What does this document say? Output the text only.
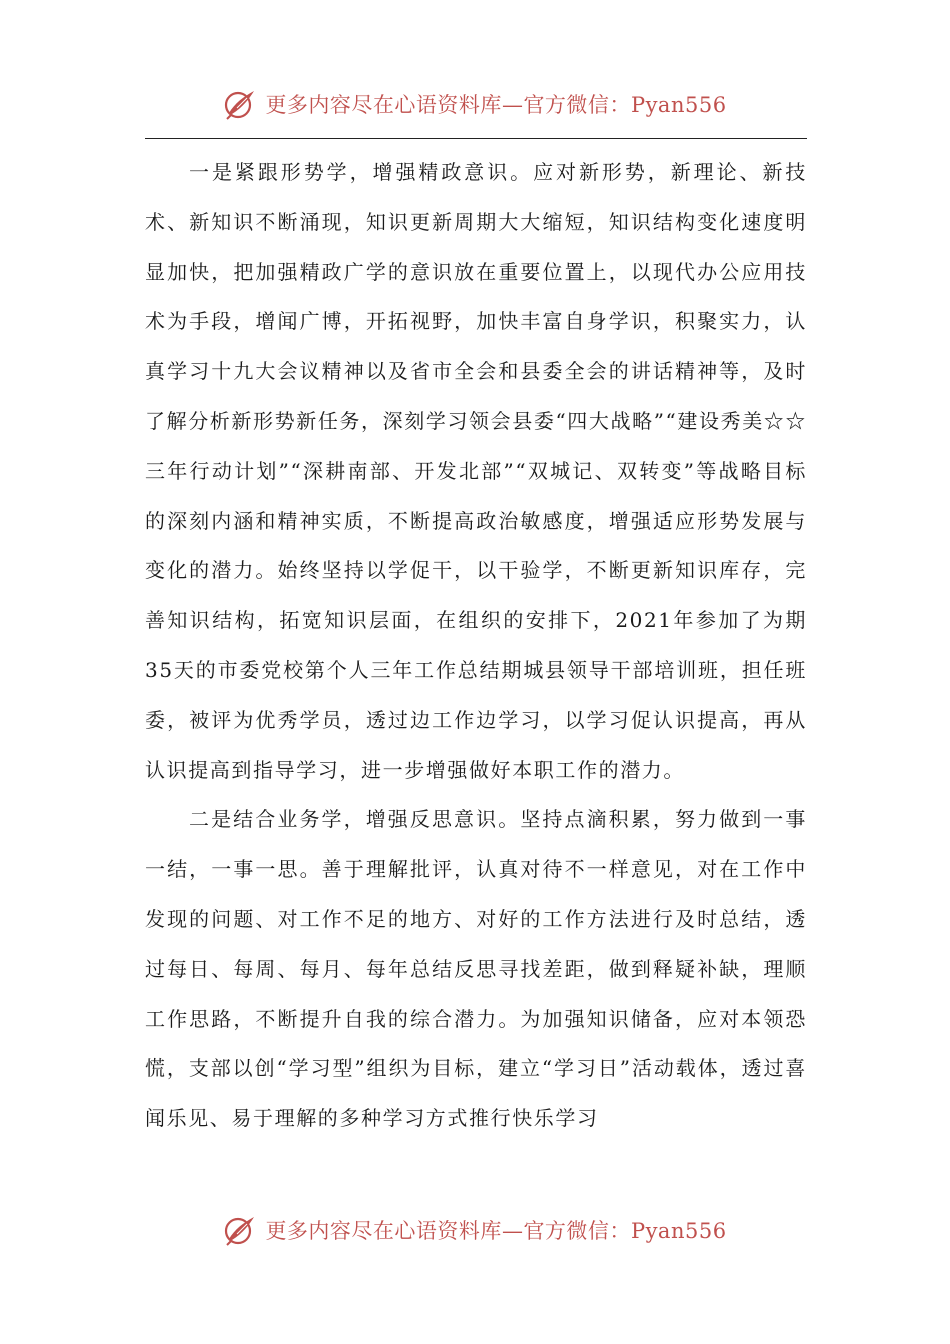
更多内容尽在心语资料库—官方微信：Pyan556

一是紧跟形势学，增强精政意识。应对新形势，新理论、新技术、新知识不断涌现，知识更新周期大大缩短，知识结构变化速度明显加快，把加强精政广学的意识放在重要位置上，以现代办公应用技术为手段，增闻广博，开拓视野，加快丰富自身学识，积聚实力，认真学习十九大会议精神以及省市全会和县委全会的讲话精神等，及时了解分析新形势新任务，深刻学习领会县委“四大战略”“建设秀美☆☆三年行动计划”“深耕南部、开发北部”“双城记、双转变”等战略目标的深刻内涵和精神实质，不断提高政治敏感度，增强适应形势发展与变化的潜力。始终坚持以学促干，以干验学，不断更新知识库存，完善知识结构，拓宽知识层面，在组织的安排下，2021年参加了为期35天的市委党校第个人三年工作总结期城县领导干部培训班，担任班委，被评为优秀学员，透过边工作边学习，以学习促认识提高，再从认识提高到指导学习，进一步增强做好本职工作的潜力。

二是结合业务学，增强反思意识。坚持点滴积累，努力做到一事一结，一事一思。善于理解批评，认真对待不一样意见，对在工作中发现的问题、对工作不足的地方、对好的工作方法进行及时总结，透过每日、每周、每月、每年总结反思寻找差距，做到释疑补缺，理顺工作思路，不断提升自我的综合潜力。为加强知识储备，应对本领恐慌，支部以创“学习型”组织为目标，建立“学习日”活动载体，透过喜闻乐见、易于理解的多种学习方式推行快乐学习

更多内容尽在心语资料库—官方微信：Pyan556
